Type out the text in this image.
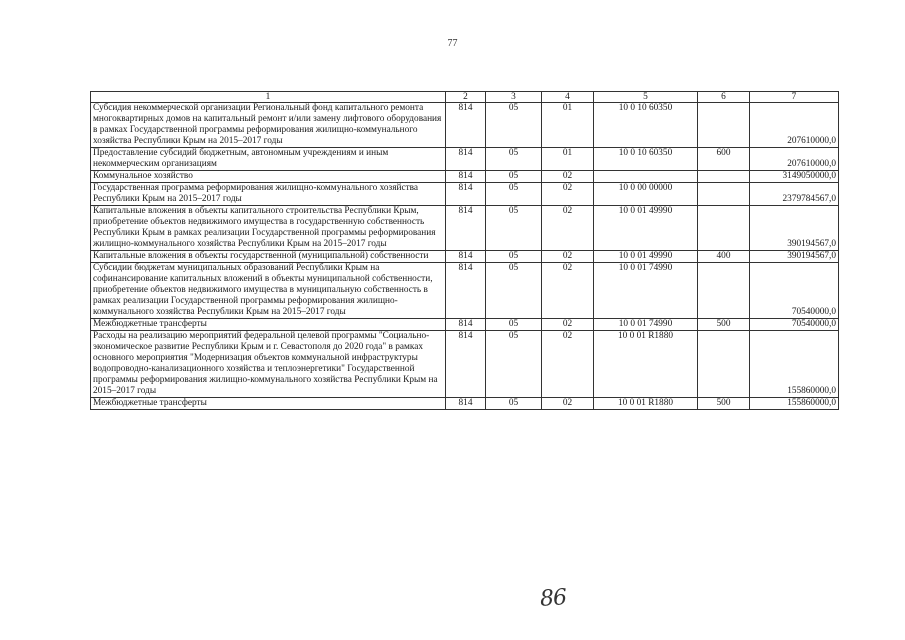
77
1	2	3	4	5	6	7
Субсидия некоммерческой организации Региональный фонд капитального ремонта многоквартирных домов на капитальный ремонт и/или замену лифтового оборудования в рамках Государственной программы реформирования жилищно-коммунального хозяйства Республики Крым на 2015–2017 годы	814	05	01	10 0 10 60350		207610000,0
Предоставление субсидий бюджетным, автономным учреждениям и иным некоммерческим организациям	814	05	01	10 0 10 60350	600	207610000,0
Коммунальное хозяйство	814	05	02			3149050000,0
Государственная программа реформирования жилищно-коммунального хозяйства Республики Крым на 2015–2017 годы	814	05	02	10 0 00 00000		2379784567,0
Капитальные вложения в объекты капитального строительства Республики Крым, приобретение объектов недвижимого имущества в государственную собственность Республики Крым в рамках реализации Государственной программы реформирования жилищно-коммунального хозяйства Республики Крым на 2015–2017 годы	814	05	02	10 0 01 49990		390194567,0
Капитальные вложения в объекты государственной (муниципальной) собственности	814	05	02	10 0 01 49990	400	390194567,0
Субсидии бюджетам муниципальных образований Республики Крым на софинансирование капитальных вложений в объекты муниципальной собственности, приобретение объектов недвижимого имущества в муниципальную собственность в рамках реализации Государственной программы реформирования жилищно-коммунального хозяйства Республики Крым на 2015–2017 годы	814	05	02	10 0 01 74990		70540000,0
Межбюджетные трансферты	814	05	02	10 0 01 74990	500	70540000,0
Расходы на реализацию мероприятий федеральной целевой программы "Социально-экономическое развитие Республики Крым и г. Севастополя до 2020 года" в рамках основного мероприятия "Модернизация объектов коммунальной инфраструктуры водопроводно-канализационного хозяйства и теплоэнергетики" Государственной программы реформирования жилищно-коммунального хозяйства Республики Крым на 2015–2017 годы	814	05	02	10 0 01 R1880		155860000,0
Межбюджетные трансферты	814	05	02	10 0 01 R1880	500	155860000,0
86
